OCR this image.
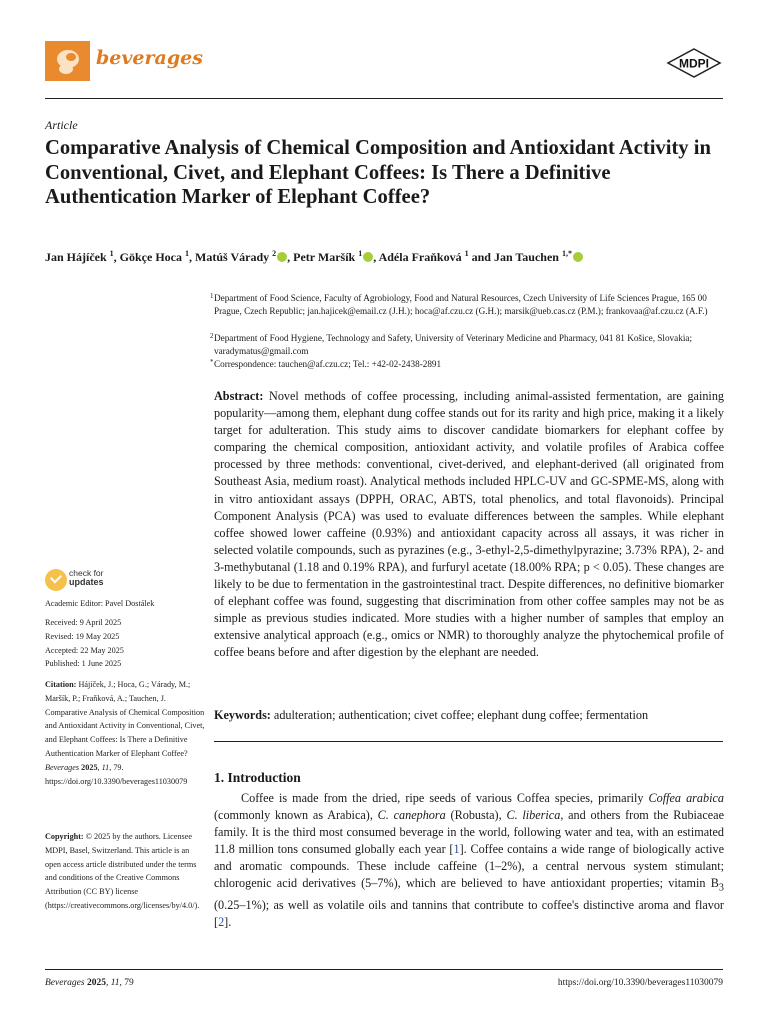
beverages	MDPI
Article
Comparative Analysis of Chemical Composition and Antioxidant Activity in Conventional, Civet, and Elephant Coffees: Is There a Definitive Authentication Marker of Elephant Coffee?
Jan Hájíček $^1$, Gökçe Hoca $^1$, Matúš Várady $^2$ , Petr Maršík $^1$ , Adéla Fraňková $^1$ and Jan Tauchen $^{1,*}$
1 Department of Food Science, Faculty of Agrobiology, Food and Natural Resources, Czech University of Life Sciences Prague, 165 00 Prague, Czech Republic; jan.hajicek@email.cz (J.H.); hoca@af.czu.cz (G.H.); marsik@ueb.cas.cz (P.M.); frankovaa@af.czu.cz (A.F.)
2 Department of Food Hygiene, Technology and Safety, University of Veterinary Medicine and Pharmacy, 041 81 Košice, Slovakia; varadymatus@gmail.com
* Correspondence: tauchen@af.czu.cz; Tel.: +42-02-2438-2891
Abstract: Novel methods of coffee processing, including animal-assisted fermentation, are gaining popularity—among them, elephant dung coffee stands out for its rarity and high price, making it a likely target for adulteration. This study aims to discover candidate biomarkers for elephant coffee by comparing the chemical composition, antioxidant activity, and volatile profiles of Arabica coffee processed by three methods: conventional, civet-derived, and elephant-derived (all originated from Southeast Asia, medium roast). Analytical methods included HPLC-UV and GC-SPME-MS, along with in vitro antioxidant assays (DPPH, ORAC, ABTS, total phenolics, and total flavonoids). Principal Component Analysis (PCA) was used to evaluate differences between the samples. While elephant coffee showed lower caffeine (0.93%) and antioxidant capacity across all assays, it was richer in selected volatile compounds, such as pyrazines (e.g., 3-ethyl-2,5-dimethylpyrazine; 3.73% RPA), 2- and 3-methybutanal (1.18 and 0.19% RPA), and furfuryl acetate (18.00% RPA; p < 0.05). These changes are likely to be due to fermentation in the gastrointestinal tract. Despite differences, no definitive biomarker of elephant coffee was found, suggesting that discrimination from other coffee samples may not be as simple as previous studies indicated. More studies with a higher number of samples that employ an extensive analytical approach (e.g., omics or NMR) to thoroughly analyze the phytochemical profile of coffee beans before and after digestion by the elephant are needed.
Keywords: adulteration; authentication; civet coffee; elephant dung coffee; fermentation
1. Introduction
Coffee is made from the dried, ripe seeds of various Coffea species, primarily Coffea arabica (commonly known as Arabica), C. canephora (Robusta), C. liberica, and others from the Rubiaceae family. It is the third most consumed beverage in the world, following water and tea, with an estimated 11.8 million tons consumed globally each year [1]. Coffee contains a wide range of biologically active and aromatic compounds. These include caffeine (1–2%), a central nervous system stimulant; chlorogenic acid derivatives (5–7%), which are believed to have antioxidant properties; vitamin $B_3$ (0.25–1%); as well as volatile oils and tannins that contribute to coffee's distinctive aroma and flavor [2].
check for
updates
Academic Editor: Pavel Dostálek
Received: 9 April 2025
Revised: 19 May 2025
Accepted: 22 May 2025
Published: 1 June 2025
Citation: Hájíček, J.; Hoca, G.; Várady, M.; Maršík, P.; Fraňková, A.; Tauchen, J. Comparative Analysis of Chemical Composition and Antioxidant Activity in Conventional, Civet, and Elephant Coffees: Is There a Definitive Authentication Marker of Elephant Coffee? Beverages 2025, 11, 79. https://doi.org/10.3390/beverages11030079
Copyright: © 2025 by the authors. Licensee MDPI, Basel, Switzerland. This article is an open access article distributed under the terms and conditions of the Creative Commons Attribution (CC BY) license (https://creativecommons.org/licenses/by/4.0/).
Beverages 2025, 11, 79	https://doi.org/10.3390/beverages11030079
